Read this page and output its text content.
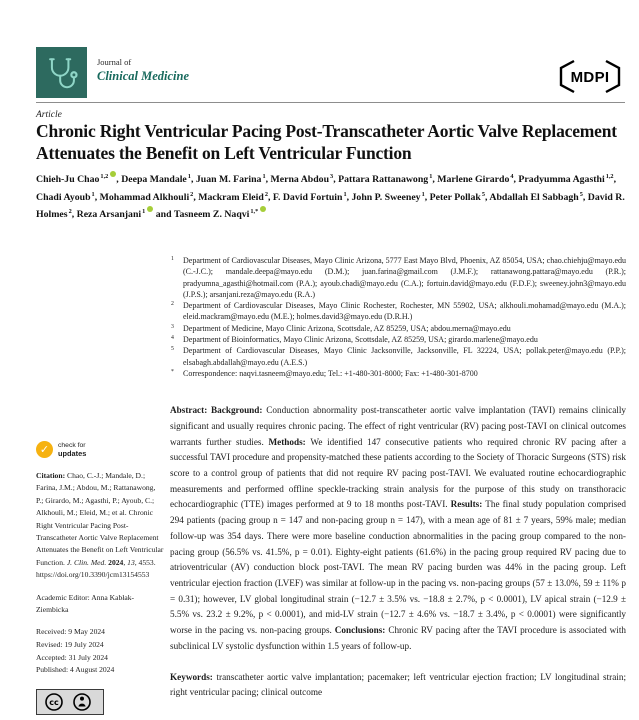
Journal of
Clinical Medicine	MDPI
Article
Chronic Right Ventricular Pacing Post-Transcatheter Aortic Valve Replacement Attenuates the Benefit on Left Ventricular Function
Chieh-Ju Chao$^{1,2}$ , Deepa Mandale$^1$, Juan M. Farina$^1$, Merna Abdou$^3$, Pattara Rattanawong$^1$, Marlene Girardo$^4$, Pradyumma Agasthi$^{1,2}$, Chadi Ayoub$^1$, Mohammad Alkhouli$^2$, Mackram Eleid$^2$, F. David Fortuin$^1$, John P. Sweeney$^1$, Peter Pollak$^5$, Abdallah El Sabbagh$^5$, David R. Holmes$^2$, Reza Arsanjani$^1$ and Tasneem Z. Naqvi$^{1,*}$
1 Department of Cardiovascular Diseases, Mayo Clinic Arizona, 5777 East Mayo Blvd, Phoenix, AZ 85054, USA; chao.chiehju@mayo.edu (C.-J.C.); mandale.deepa@mayo.edu (D.M.); juan.farina@gmail.com (J.M.F.); rattanawong.pattara@mayo.edu (P.R.); pradyumna_agasthi@hotmail.com (P.A.); ayoub.chadi@mayo.edu (C.A.); fortuin.david@mayo.edu (F.D.F.); sweeney.john3@mayo.edu (J.P.S.); arsanjani.reza@mayo.edu (R.A.)
2 Department of Cardiovascular Diseases, Mayo Clinic Rochester, Rochester, MN 55902, USA; alkhouli.mohamad@mayo.edu (M.A.); eleid.mackram@mayo.edu (M.E.); holmes.david3@mayo.edu (D.R.H.)
3 Department of Medicine, Mayo Clinic Arizona, Scottsdale, AZ 85259, USA; abdou.merna@mayo.edu
4 Department of Bioinformatics, Mayo Clinic Arizona, Scottsdale, AZ 85259, USA; girardo.marlene@mayo.edu
5 Department of Cardiovascular Diseases, Mayo Clinic Jacksonville, Jacksonville, FL 32224, USA; pollak.peter@mayo.edu (P.P.); elsabagh.abdallah@mayo.edu (A.E.S.)
* Correspondence: naqvi.tasneem@mayo.edu; Tel.: +1-480-301-8000; Fax: +1-480-301-8700

Abstract: Background: Conduction abnormality post-transcatheter aortic valve implantation (TAVI) remains clinically significant and usually requires chronic pacing. The effect of right ventricular (RV) pacing post-TAVI on clinical outcomes warrants further studies. Methods: We identified 147 consecutive patients who required chronic RV pacing after a successful TAVI procedure and propensity-matched these patients according to the Society of Thoracic Surgeons (STS) risk score to a control group of patients that did not require RV pacing post-TAVI. We evaluated routine echocardiographic measurements and performed offline speckle-tracking strain analysis for the purpose of this study on transthoracic echocardiographic (TTE) images performed at 9 to 18 months post-TAVI. Results: The final study population comprised 294 patients (pacing group n = 147 and non-pacing group n = 147), with a mean age of 81 ± 7 years, 59% male; median follow-up was 354 days. There were more baseline conduction abnormalities in the pacing group compared to the non-pacing group (56.5% vs. 41.5%, p = 0.01). Eighty-eight patients (61.6%) in the pacing group required RV pacing due to atrioventricular (AV) conduction block post-TAVI. The mean RV pacing burden was 44% in the pacing group. Left ventricular ejection fraction (LVEF) was similar at follow-up in the pacing vs. non-pacing groups (57 ± 13.0%, 59 ± 11% p = 0.31); however, LV global longitudinal strain (−12.7 ± 3.5% vs. −18.8 ± 2.7%, p < 0.0001), LV apical strain (−12.9 ± 5.5% vs. 23.2 ± 9.2%, p < 0.0001), and mid-LV strain (−12.7 ± 4.6% vs. −18.7 ± 3.4%, p < 0.0001) were significantly worse in the pacing vs. non-pacing groups. Conclusions: Chronic RV pacing after the TAVI procedure is associated with subclinical LV systolic dysfunction within 1.5 years of follow-up.

Keywords: transcatheter aortic valve implantation; pacemaker; left ventricular ejection fraction; LV longitudinal strain; right ventricular pacing; clinical outcome

✓	check for
updates

Citation: Chao, C.-J.; Mandale, D.; Farina, J.M.; Abdou, M.; Rattanawong, P.; Girardo, M.; Agasthi, P.; Ayoub, C.; Alkhouli, M.; Eleid, M.; et al. Chronic Right Ventricular Pacing Post-Transcatheter Aortic Valve Replacement Attenuates the Benefit on Left Ventricular Function. J. Clin. Med. 2024, 13, 4553. https://doi.org/10.3390/jcm13154553

Academic Editor: Anna Kabłak-Ziembicka

Received: 9 May 2024
Revised: 19 July 2024
Accepted: 31 July 2024
Published: 4 August 2024
cc
